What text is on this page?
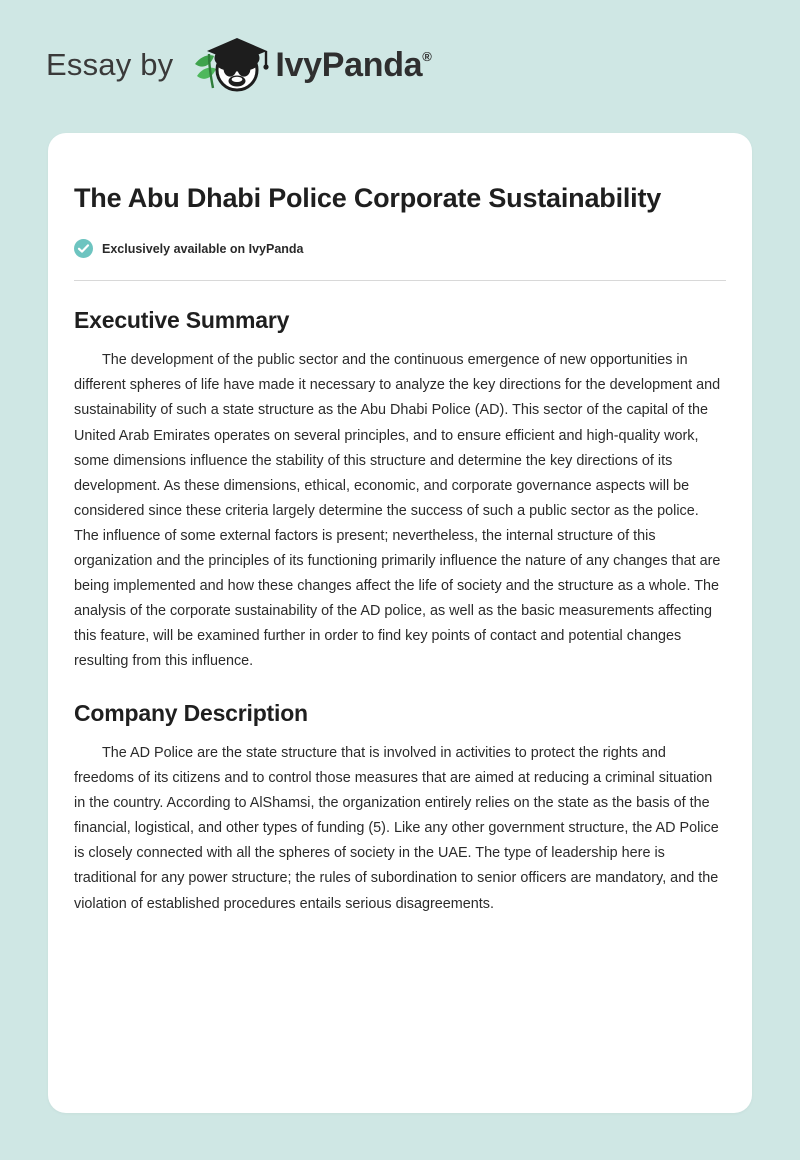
Essay by	IvyPanda®
The Abu Dhabi Police Corporate Sustainability
Exclusively available on IvyPanda
Executive Summary

The development of the public sector and the continuous emergence of new opportunities in different spheres of life have made it necessary to analyze the key directions for the development and sustainability of such a state structure as the Abu Dhabi Police (AD). This sector of the capital of the United Arab Emirates operates on several principles, and to ensure efficient and high-quality work, some dimensions influence the stability of this structure and determine the key directions of its development. As these dimensions, ethical, economic, and corporate governance aspects will be considered since these criteria largely determine the success of such a public sector as the police. The influence of some external factors is present; nevertheless, the internal structure of this organization and the principles of its functioning primarily influence the nature of any changes that are being implemented and how these changes affect the life of society and the structure as a whole. The analysis of the corporate sustainability of the AD police, as well as the basic measurements affecting this feature, will be examined further in order to find key points of contact and potential changes resulting from this influence.

Company Description

The AD Police are the state structure that is involved in activities to protect the rights and freedoms of its citizens and to control those measures that are aimed at reducing a criminal situation in the country. According to AlShamsi, the organization entirely relies on the state as the basis of the financial, logistical, and other types of funding (5). Like any other government structure, the AD Police is closely connected with all the spheres of society in the UAE. The type of leadership here is traditional for any power structure; the rules of subordination to senior officers are mandatory, and the violation of established procedures entails serious disagreements.
